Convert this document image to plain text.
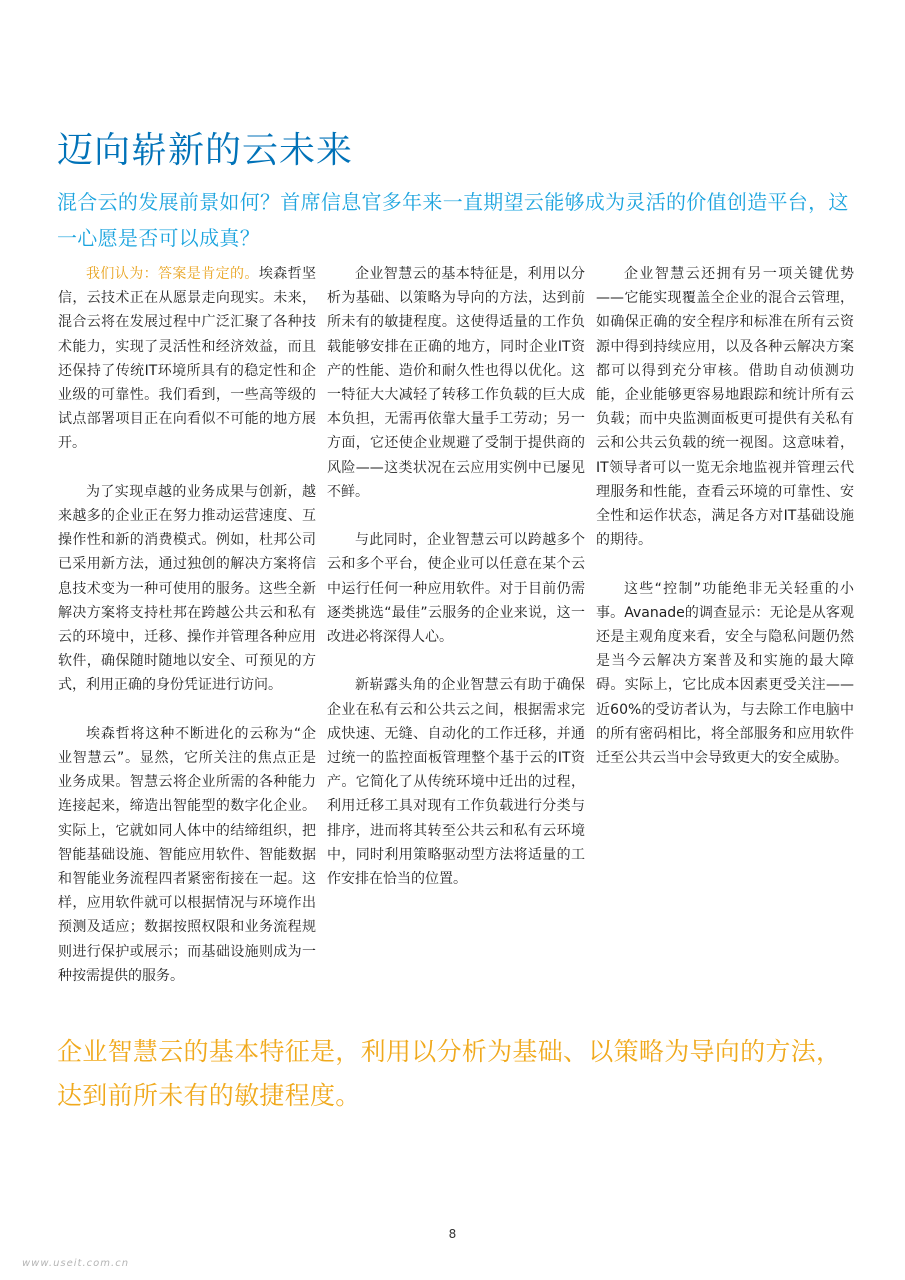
迈向崭新的云未来

混合云的发展前景如何？首席信息官多年来一直期望云能够成为灵活的价值创造平台，这一心愿是否可以成真？

我们认为：答案是肯定的。埃森哲坚信，云技术正在从愿景走向现实。未来，混合云将在发展过程中广泛汇聚了各种技术能力，实现了灵活性和经济效益，而且还保持了传统IT环境所具有的稳定性和企业级的可靠性。我们看到，一些高等级的试点部署项目正在向看似不可能的地方展开。

为了实现卓越的业务成果与创新，越来越多的企业正在努力推动运营速度、互操作性和新的消费模式。例如，杜邦公司已采用新方法，通过独创的解决方案将信息技术变为一种可使用的服务。这些全新解决方案将支持杜邦在跨越公共云和私有云的环境中，迁移、操作并管理各种应用软件，确保随时随地以安全、可预见的方式，利用正确的身份凭证进行访问。

埃森哲将这种不断进化的云称为“企业智慧云”。显然，它所关注的焦点正是业务成果。智慧云将企业所需的各种能力连接起来，缔造出智能型的数字化企业。实际上，它就如同人体中的结缔组织，把智能基础设施、智能应用软件、智能数据和智能业务流程四者紧密衔接在一起。这样，应用软件就可以根据情况与环境作出预测及适应；数据按照权限和业务流程规则进行保护或展示；而基础设施则成为一种按需提供的服务。

企业智慧云的基本特征是，利用以分析为基础、以策略为导向的方法，达到前所未有的敏捷程度。这使得适量的工作负载能够安排在正确的地方，同时企业IT资产的性能、造价和耐久性也得以优化。这一特征大大减轻了转移工作负载的巨大成本负担，无需再依靠大量手工劳动；另一方面，它还使企业规避了受制于提供商的风险——这类状况在云应用实例中已屡见不鲜。

与此同时，企业智慧云可以跨越多个云和多个平台，使企业可以任意在某个云中运行任何一种应用软件。对于目前仍需逐类挑选“最佳”云服务的企业来说，这一改进必将深得人心。

新崭露头角的企业智慧云有助于确保企业在私有云和公共云之间，根据需求完成快速、无缝、自动化的工作迁移，并通过统一的监控面板管理整个基于云的IT资产。它简化了从传统环境中迁出的过程，利用迁移工具对现有工作负载进行分类与排序，进而将其转至公共云和私有云环境中，同时利用策略驱动型方法将适量的工作安排在恰当的位置。

企业智慧云还拥有另一项关键优势——它能实现覆盖全企业的混合云管理，如确保正确的安全程序和标准在所有云资源中得到持续应用，以及各种云解决方案都可以得到充分审核。借助自动侦测功能，企业能够更容易地跟踪和统计所有云负载；而中央监测面板更可提供有关私有云和公共云负载的统一视图。这意味着，IT领导者可以一览无余地监视并管理云代理服务和性能，查看云环境的可靠性、安全性和运作状态，满足各方对IT基础设施的期待。

这些“控制”功能绝非无关轻重的小事。Avanade的调查显示：无论是从客观还是主观角度来看，安全与隐私问题仍然是当今云解决方案普及和实施的最大障碍。实际上，它比成本因素更受关注——近60%的受访者认为，与去除工作电脑中的所有密码相比，将全部服务和应用软件迁至公共云当中会导致更大的安全威胁。

企业智慧云的基本特征是，利用以分析为基础、以策略为导向的方法，达到前所未有的敏捷程度。

8
www.useit.com.cn
